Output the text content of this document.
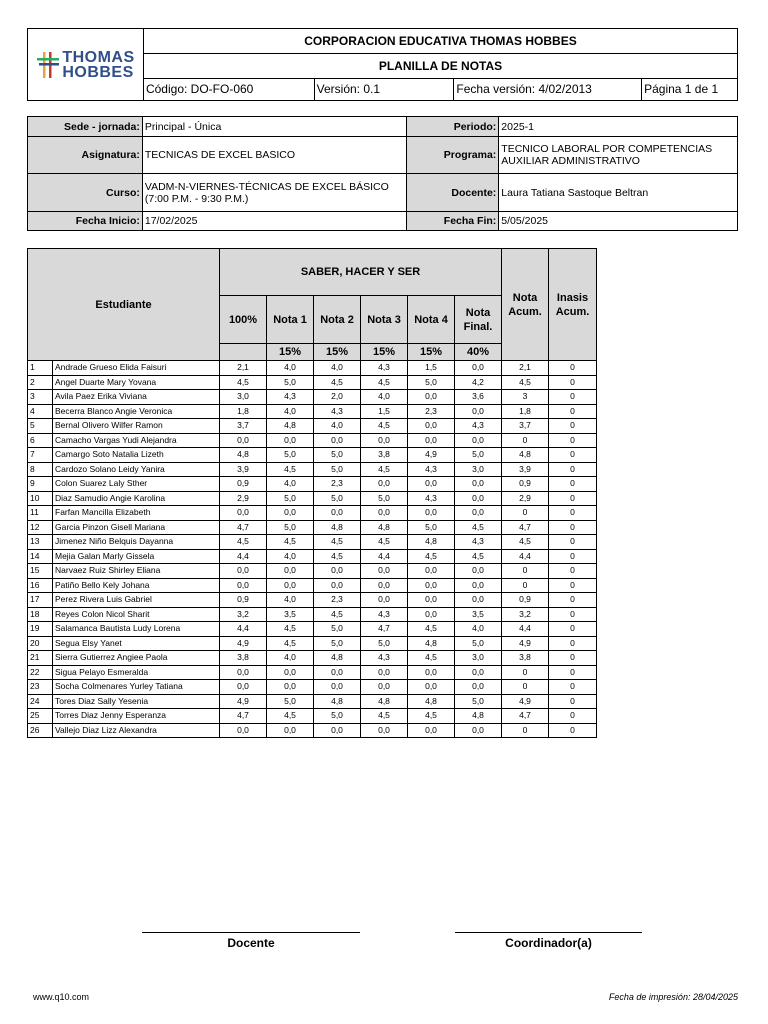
THOMAS
HOBBES	CORPORACION EDUCATIVA THOMAS HOBBES			
	PLANILLA DE NOTAS			
	Código: DO-FO-060	Versión: 0.1	Fecha versión: 4/02/2013	Página 1 de 1
Sede - jornada:	Principal - Única	Periodo:	2025-1
Asignatura:	TECNICAS DE EXCEL BASICO	Programa:	TECNICO LABORAL POR COMPETENCIAS AUXILIAR ADMINISTRATIVO
Curso:	VADM-N-VIERNES-TÉCNICAS DE EXCEL BÁSICO (7:00 P.M. - 9:30 P.M.)	Docente:	Laura Tatiana Sastoque Beltran
Fecha Inicio:	17/02/2025	Fecha Fin:	5/05/2025
Estudiante		SABER, HACER Y SER						Nota Acum.	Inasis Acum.
		100%	Nota 1	Nota 2	Nota 3	Nota 4	Nota Final.		
			15%	15%	15%	15%	40%		
1	Andrade Grueso Elida Faisuri	2,1	4,0	4,0	4,3	1,5	0,0	2,1	0
2	Angel Duarte Mary Yovana	4,5	5,0	4,5	4,5	5,0	4,2	4,5	0
3	Avila Paez Erika Viviana	3,0	4,3	2,0	4,0	0,0	3,6	3	0
4	Becerra Blanco Angie Veronica	1,8	4,0	4,3	1,5	2,3	0,0	1,8	0
5	Bernal Olivero Wilfer Ramon	3,7	4,8	4,0	4,5	0,0	4,3	3,7	0
6	Camacho Vargas Yudi Alejandra	0,0	0,0	0,0	0,0	0,0	0,0	0	0
7	Camargo Soto Natalia Lizeth	4,8	5,0	5,0	3,8	4,9	5,0	4,8	0
8	Cardozo Solano Leidy Yanira	3,9	4,5	5,0	4,5	4,3	3,0	3,9	0
9	Colon Suarez Laly Sther	0,9	4,0	2,3	0,0	0,0	0,0	0,9	0
10	Diaz Samudio Angie Karolina	2,9	5,0	5,0	5,0	4,3	0,0	2,9	0
11	Farfan Mancilla Elizabeth	0,0	0,0	0,0	0,0	0,0	0,0	0	0
12	Garcia Pinzon Gisell Mariana	4,7	5,0	4,8	4,8	5,0	4,5	4,7	0
13	Jimenez Niño Belquis Dayanna	4,5	4,5	4,5	4,5	4,8	4,3	4,5	0
14	Mejia Galan Marly Gissela	4,4	4,0	4,5	4,4	4,5	4,5	4,4	0
15	Narvaez Ruiz Shirley Eliana	0,0	0,0	0,0	0,0	0,0	0,0	0	0
16	Patiño Bello Kely Johana	0,0	0,0	0,0	0,0	0,0	0,0	0	0
17	Perez Rivera Luis Gabriel	0,9	4,0	2,3	0,0	0,0	0,0	0,9	0
18	Reyes Colon Nicol Sharit	3,2	3,5	4,5	4,3	0,0	3,5	3,2	0
19	Salamanca Bautista Ludy Lorena	4,4	4,5	5,0	4,7	4,5	4,0	4,4	0
20	Segua Elsy Yanet	4,9	4,5	5,0	5,0	4,8	5,0	4,9	0
21	Sierra Gutierrez Angiee Paola	3,8	4,0	4,8	4,3	4,5	3,0	3,8	0
22	Sigua Pelayo Esmeralda	0,0	0,0	0,0	0,0	0,0	0,0	0	0
23	Socha Colmenares Yurley Tatiana	0,0	0,0	0,0	0,0	0,0	0,0	0	0
24	Tores Diaz Sally Yesenia	4,9	5,0	4,8	4,8	4,8	5,0	4,9	0
25	Torres Diaz Jenny Esperanza	4,7	4,5	5,0	4,5	4,5	4,8	4,7	0
26	Vallejo Diaz Lizz Alexandra	0,0	0,0	0,0	0,0	0,0	0,0	0	0
Docente	Coordinador(a)
www.q10.com	Fecha de impresión: 28/04/2025
